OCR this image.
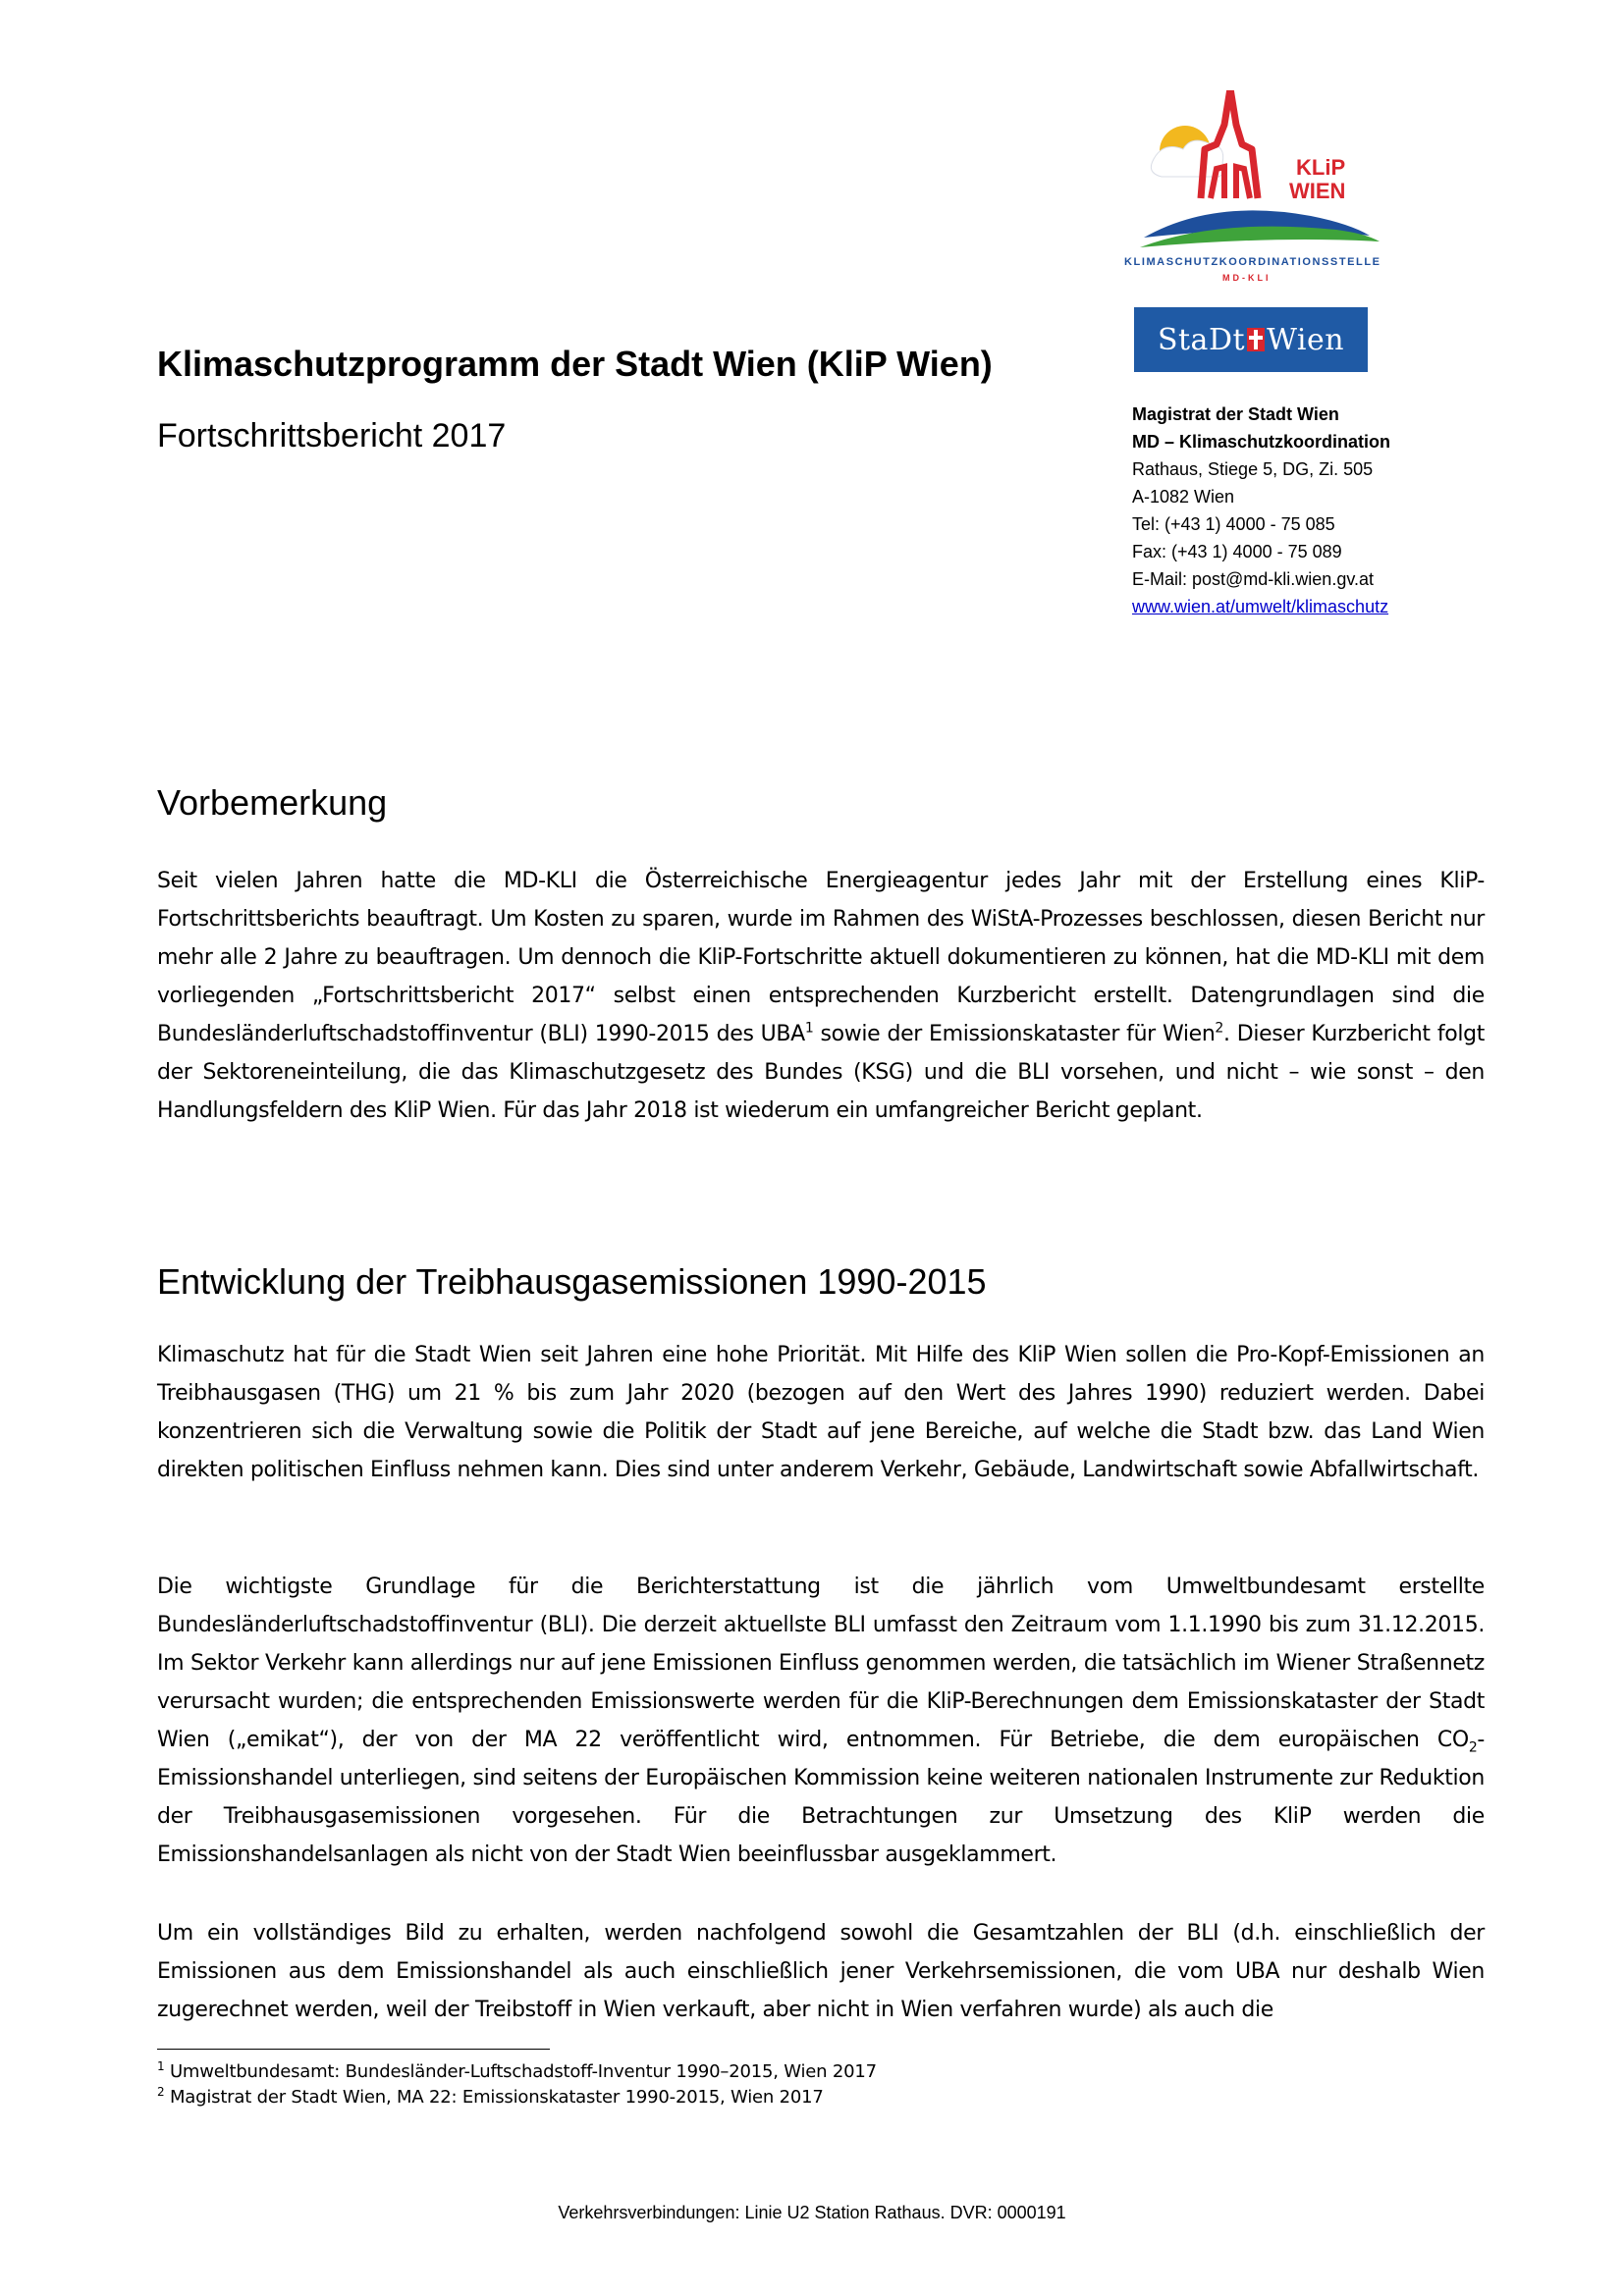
KLiP
WIEN
KLIMASCHUTZKOORDINATIONSSTELLE
MD-KLI
StaDt Wien
Klimaschutzprogramm der Stadt Wien (KliP Wien)
Fortschrittsbericht 2017
Magistrat der Stadt Wien
MD – Klimaschutzkoordination
Rathaus, Stiege 5, DG, Zi. 505
A-1082 Wien
Tel: (+43 1) 4000 - 75 085
Fax: (+43 1) 4000 - 75 089
E-Mail: post@md-kli.wien.gv.at
www.wien.at/umwelt/klimaschutz
Vorbemerkung

Seit vielen Jahren hatte die MD-KLI die Österreichische Energieagentur jedes Jahr mit der Erstellung eines KliP-Fortschrittsberichts beauftragt. Um Kosten zu sparen, wurde im Rahmen des WiStA-Prozesses beschlossen, diesen Bericht nur mehr alle 2 Jahre zu beauftragen. Um dennoch die KliP-Fortschritte aktuell dokumentieren zu können, hat die MD-KLI mit dem vorliegenden „Fortschrittsbericht 2017“ selbst einen entsprechenden Kurzbericht erstellt. Datengrundlagen sind die Bundesländerluftschadstoffinventur (BLI) 1990-2015 des UBA$^1$ sowie der Emissionskataster für Wien$^2$. Dieser Kurzbericht folgt der Sektoreneinteilung, die das Klimaschutzgesetz des Bundes (KSG) und die BLI vorsehen, und nicht – wie sonst – den Handlungsfeldern des KliP Wien. Für das Jahr 2018 ist wiederum ein umfangreicher Bericht geplant.

Entwicklung der Treibhausgasemissionen 1990-2015

Klimaschutz hat für die Stadt Wien seit Jahren eine hohe Priorität. Mit Hilfe des KliP Wien sollen die Pro-Kopf-Emissionen an Treibhausgasen (THG) um 21 % bis zum Jahr 2020 (bezogen auf den Wert des Jahres 1990) reduziert werden. Dabei konzentrieren sich die Verwaltung sowie die Politik der Stadt auf jene Bereiche, auf welche die Stadt bzw. das Land Wien direkten politischen Einfluss nehmen kann. Dies sind unter anderem Verkehr, Gebäude, Landwirtschaft sowie Abfallwirtschaft.

Die wichtigste Grundlage für die Berichterstattung ist die jährlich vom Umweltbundesamt erstellte Bundesländerluftschadstoffinventur (BLI). Die derzeit aktuellste BLI umfasst den Zeitraum vom 1.1.1990 bis zum 31.12.2015. Im Sektor Verkehr kann allerdings nur auf jene Emissionen Einfluss genommen werden, die tatsächlich im Wiener Straßennetz verursacht wurden; die entsprechenden Emissionswerte werden für die KliP-Berechnungen dem Emissionskataster der Stadt Wien („emikat“), der von der MA 22 veröffentlicht wird, entnommen. Für Betriebe, die dem europäischen $CO_2$-Emissionshandel unterliegen, sind seitens der Europäischen Kommission keine weiteren nationalen Instrumente zur Reduktion der Treibhausgasemissionen vorgesehen. Für die Betrachtungen zur Umsetzung des KliP werden die Emissionshandelsanlagen als nicht von der Stadt Wien beeinflussbar ausgeklammert.

Um ein vollständiges Bild zu erhalten, werden nachfolgend sowohl die Gesamtzahlen der BLI (d.h. einschließlich der Emissionen aus dem Emissionshandel als auch einschließlich jener Verkehrsemissionen, die vom UBA nur deshalb Wien zugerechnet werden, weil der Treibstoff in Wien verkauft, aber nicht in Wien verfahren wurde) als auch die

$^1$ Umweltbundesamt: Bundesländer-Luftschadstoff-Inventur 1990–2015, Wien 2017
$^2$ Magistrat der Stadt Wien, MA 22: Emissionskataster 1990-2015, Wien 2017
Verkehrsverbindungen: Linie U2 Station Rathaus. DVR: 0000191
